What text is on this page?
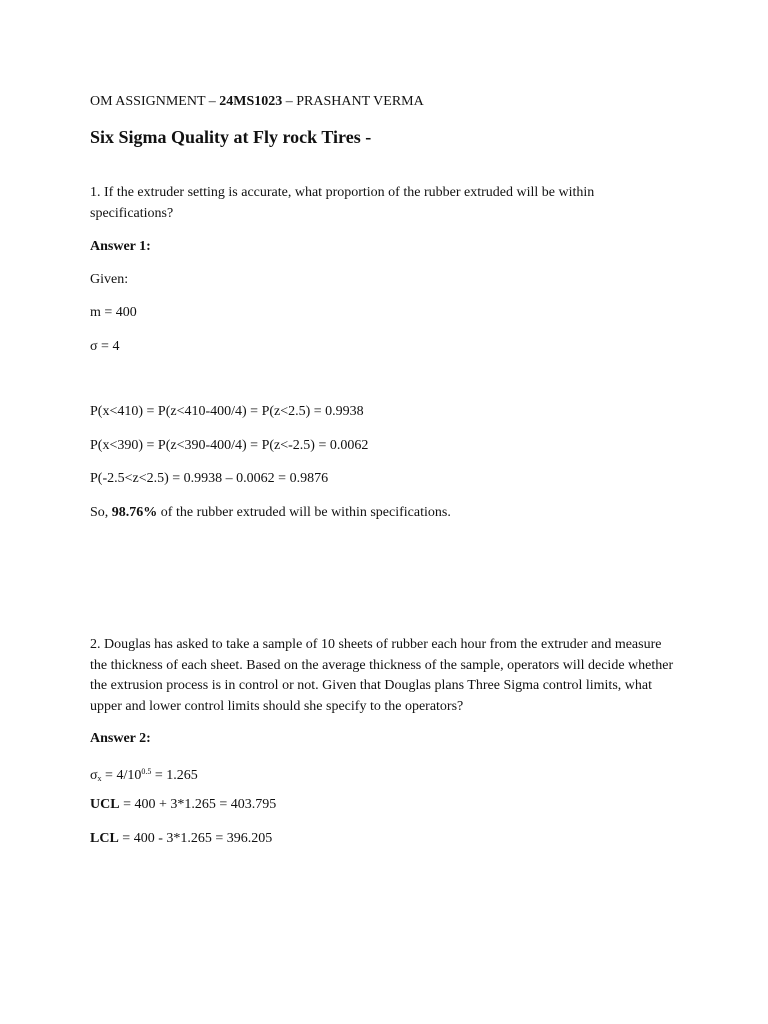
OM ASSIGNMENT – 24MS1023 – PRASHANT VERMA
Six Sigma Quality at Fly rock Tires -
1. If the extruder setting is accurate, what proportion of the rubber extruded will be within specifications?
Answer 1:
Given:
m = 400
σ = 4
P(x<410) = P(z<410-400/4) = P(z<2.5) = 0.9938
P(x<390) = P(z<390-400/4) = P(z<-2.5) = 0.0062
P(-2.5<z<2.5) = 0.9938 – 0.0062 = 0.9876
So, 98.76% of the rubber extruded will be within specifications.
2. Douglas has asked to take a sample of 10 sheets of rubber each hour from the extruder and measure the thickness of each sheet. Based on the average thickness of the sample, operators will decide whether the extrusion process is in control or not. Given that Douglas plans Three Sigma control limits, what upper and lower control limits should she specify to the operators?
Answer 2:
$\sigma_x = 4/10^{0.5} = 1.265$
UCL = 400 + 3*1.265 = 403.795
LCL = 400 - 3*1.265 = 396.205
